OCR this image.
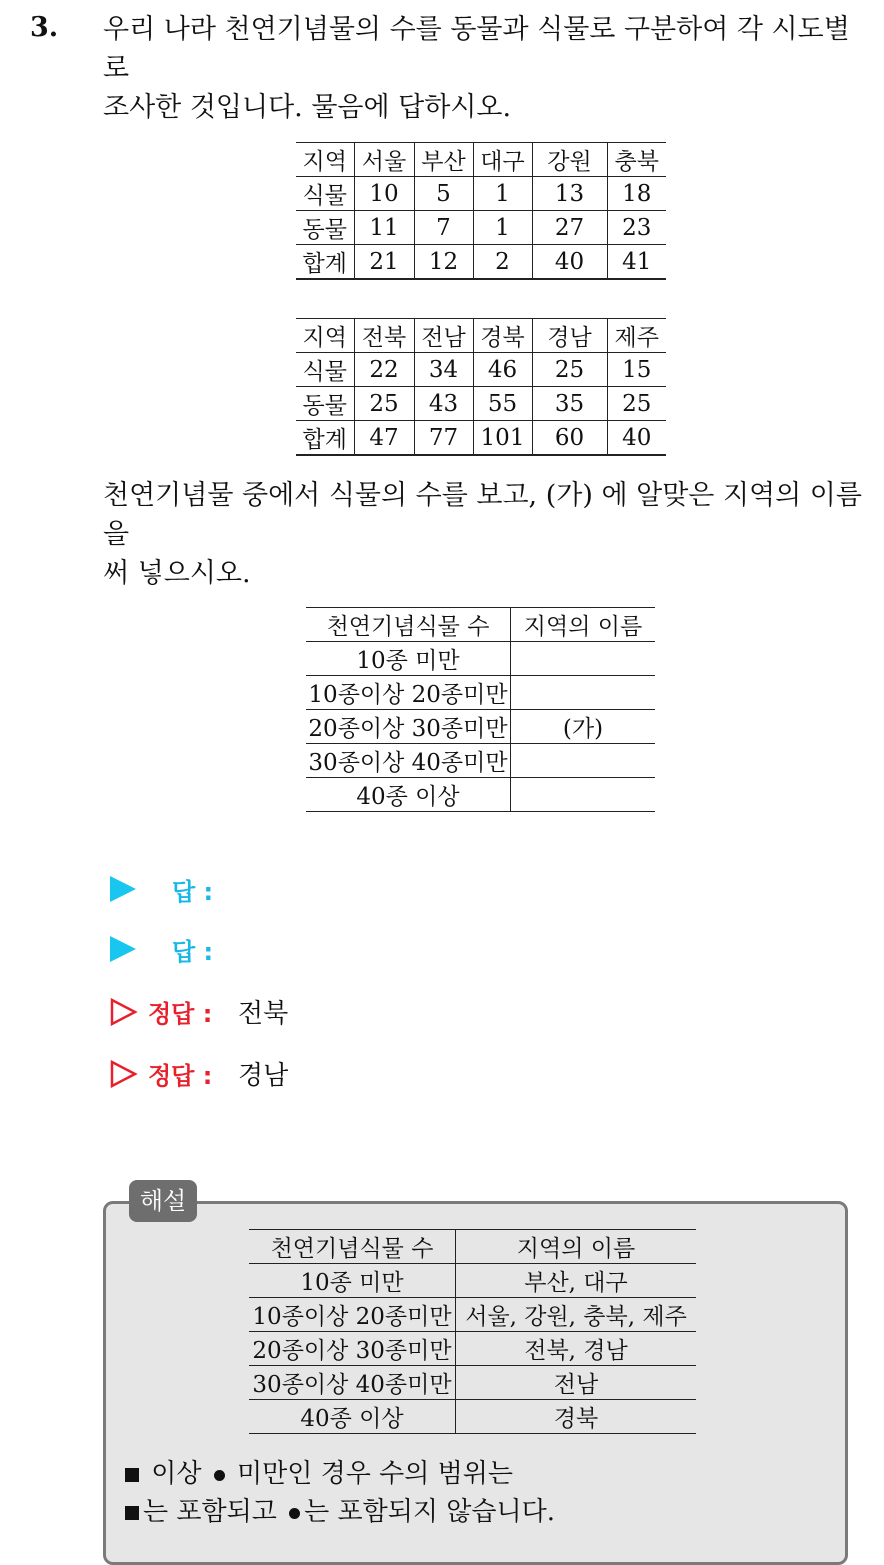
3. 우리 나라 천연기념물의 수를 동물과 식물로 구분하여 각 시도별로
조사한 것입니다. 물음에 답하시오.
지역	서울	부산	대구	강원	충북
식물	10	5	1	13	18
동물	11	7	1	27	23
합계	21	12	2	40	41
지역	전북	전남	경북	경남	제주
식물	22	34	46	25	15
동물	25	43	55	35	25
합계	47	77	101	60	40
천연기념물 중에서 식물의 수를 보고, (가) 에 알맞은 지역의 이름을
써 넣으시오.
천연기념식물 수	지역의 이름
10종 미만	
10종이상 20종미만	
20종이상 30종미만	(가)
30종이상 40종미만	
40종 이상	
답 :
답 :
정답 : 전북
정답 : 경남
해설
천연기념식물 수	지역의 이름
10종 미만	부산, 대구
10종이상 20종미만	서울, 강원, 충북, 제주
20종이상 30종미만	전북, 경남
30종이상 40종미만	전남
40종 이상	경북
이상 미만인 경우 수의 범위는
는 포함되고 는 포함되지 않습니다.
